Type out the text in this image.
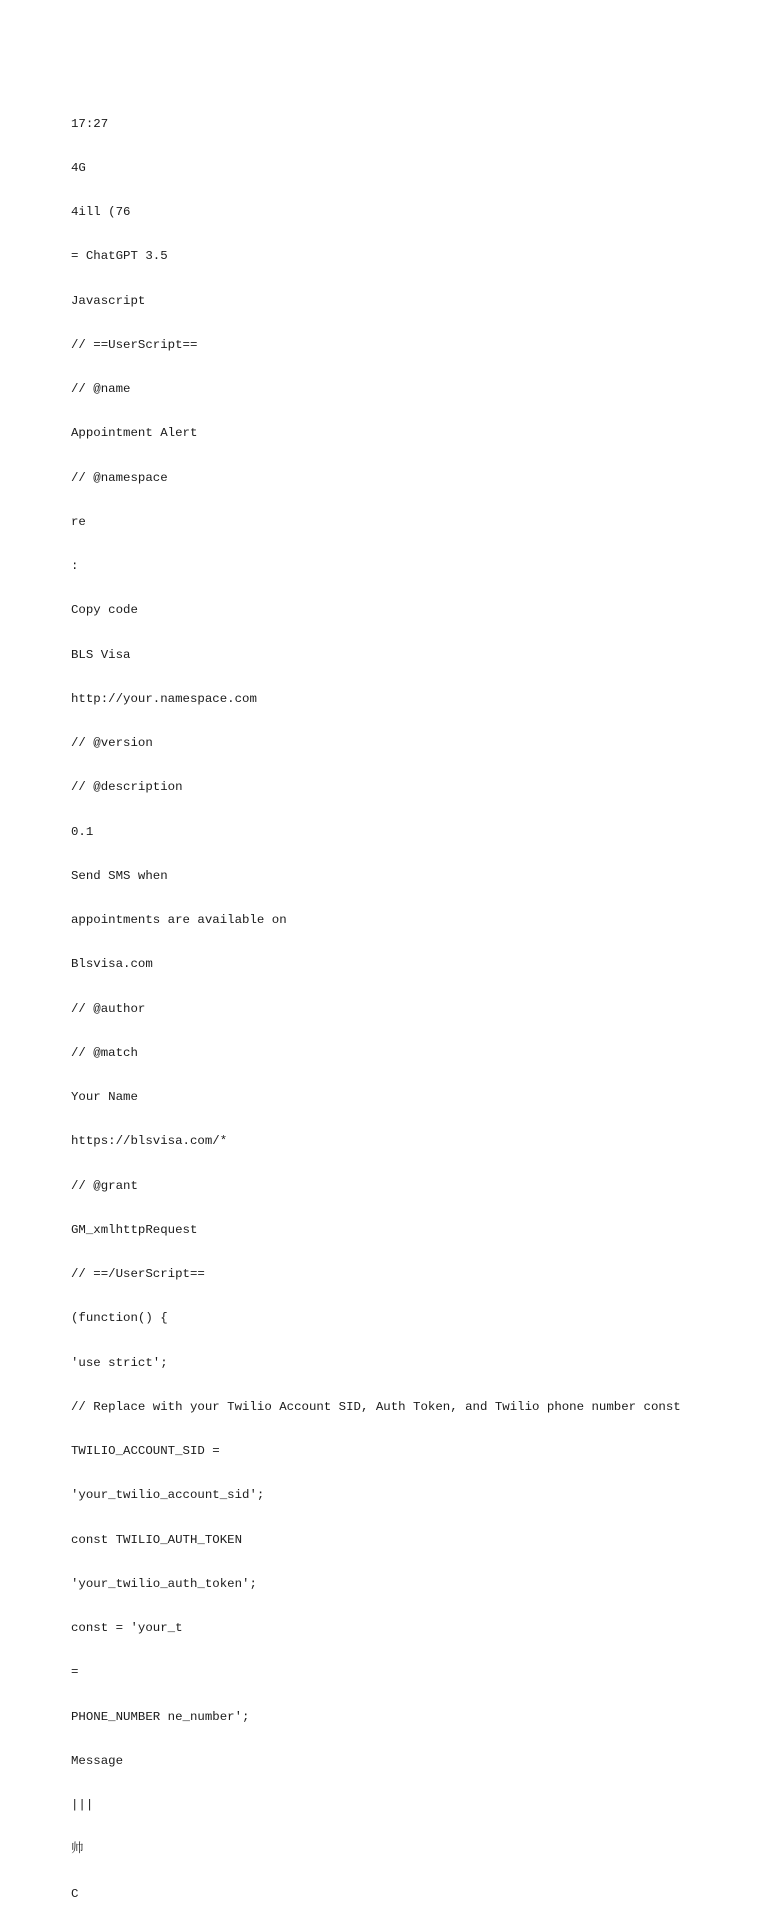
17:27

4G

4ill (76

= ChatGPT 3.5

Javascript

// ==UserScript==

// @name

Appointment Alert

// @namespace

re

:

Copy code

BLS Visa

http://your.namespace.com

// @version

// @description

0.1

Send SMS when

appointments are available on

Blsvisa.com

// @author

// @match

Your Name

https://blsvisa.com/*

// @grant

GM_xmlhttpRequest

// ==/UserScript==

(function() {

'use strict';

// Replace with your Twilio Account SID, Auth Token, and Twilio phone number const

TWILIO_ACCOUNT_SID =

'your_twilio_account_sid';

const TWILIO_AUTH_TOKEN

'your_twilio_auth_token';

const = 'your_t

=

PHONE_NUMBER ne_number';

Message

|||

帅

C
